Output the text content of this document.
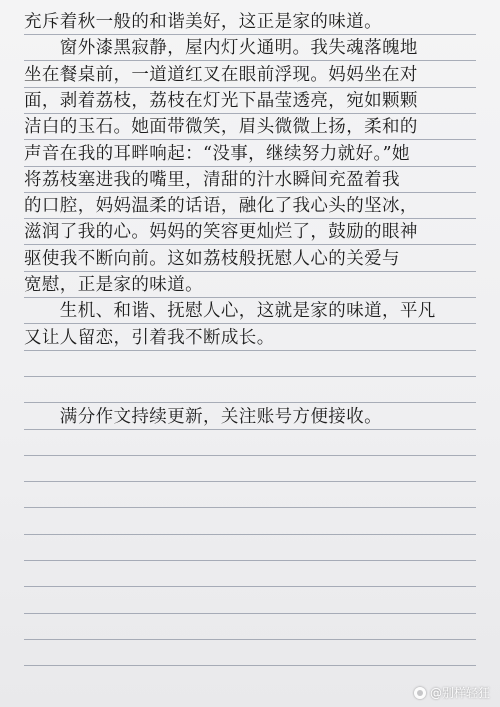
充斥着秋一般的和谐美好，这正是家的味道。
　　窗外漆黑寂静，屋内灯火通明。我失魂落魄地
坐在餐桌前，一道道红叉在眼前浮现。妈妈坐在对
面，剥着荔枝，荔枝在灯光下晶莹透亮，宛如颗颗
洁白的玉石。她面带微笑，眉头微微上扬，柔和的
声音在我的耳畔响起：“没事，继续努力就好。”她
将荔枝塞进我的嘴里，清甜的汁水瞬间充盈着我
的口腔，妈妈温柔的话语，融化了我心头的坚冰，
滋润了我的心。妈妈的笑容更灿烂了，鼓励的眼神
驱使我不断向前。这如荔枝般抚慰人心的关爱与
宽慰，正是家的味道。
　　生机、和谐、抚慰人心，这就是家的味道，平凡
又让人留恋，引着我不断成长。
　　满分作文持续更新，关注账号方便接收。
@别样轻狂
